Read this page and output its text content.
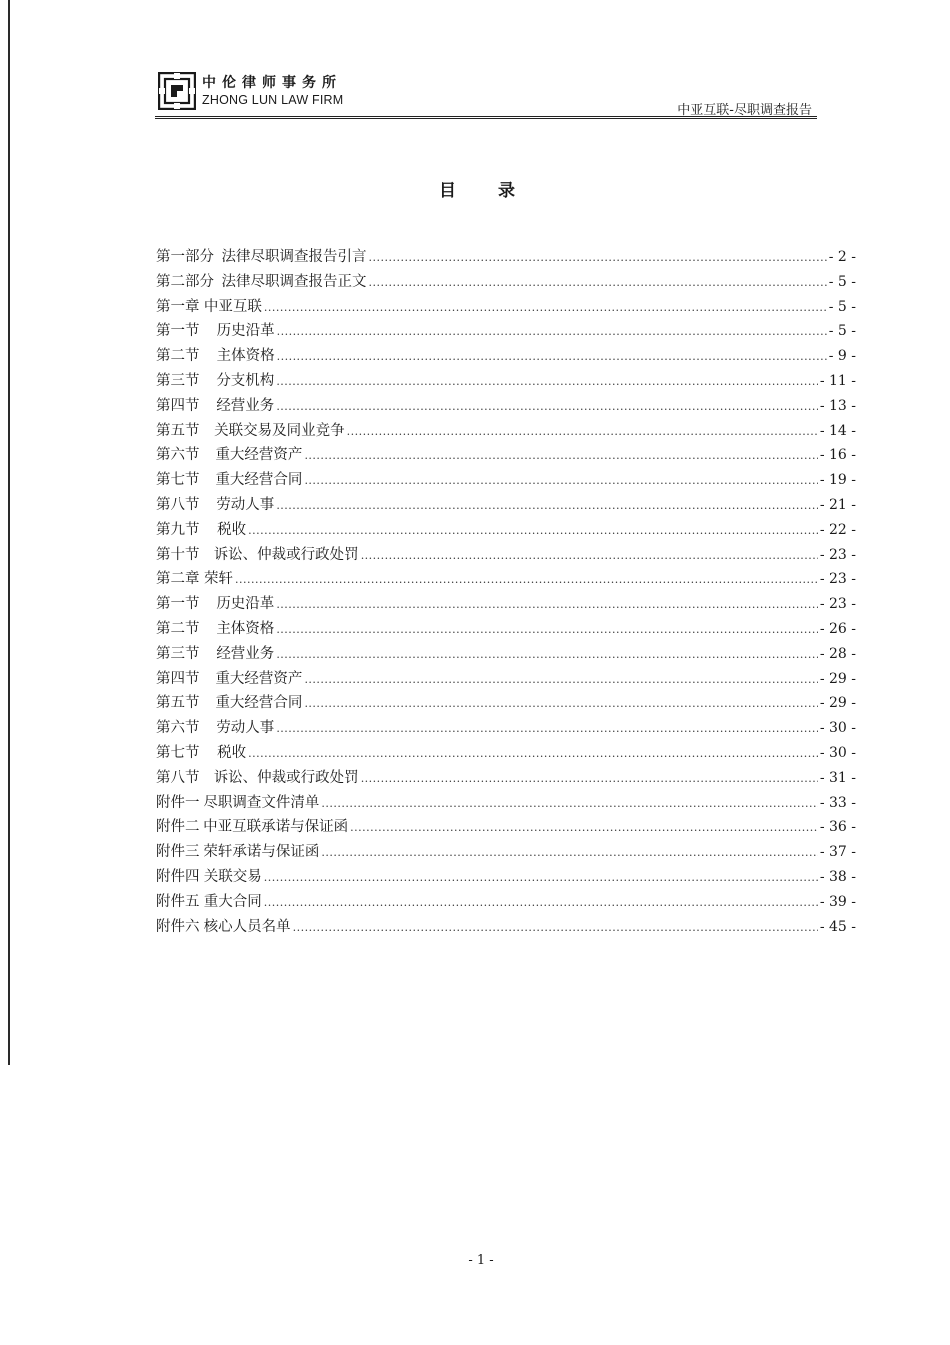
中伦律师事务所
ZHONG LUN LAW FIRM
中亚互联-尽职调查报告
目 录
第一部分 法律尽职调查报告引言 .....	- 2 -
第二部分 法律尽职调查报告正文 .....	- 5 -
第一章 中亚互联 .....	- 5 -
第一节 历史沿革 .....	- 5 -
第二节 主体资格 .....	- 9 -
第三节 分支机构 .....	- 11 -
第四节 经营业务 .....	- 13 -
第五节 关联交易及同业竞争 .....	- 14 -
第六节 重大经营资产 .....	- 16 -
第七节 重大经营合同 .....	- 19 -
第八节 劳动人事 .....	- 21 -
第九节 税收 .....	- 22 -
第十节 诉讼、仲裁或行政处罚 .....	- 23 -
第二章 荣轩 .....	- 23 -
第一节 历史沿革 .....	- 23 -
第二节 主体资格 .....	- 26 -
第三节 经营业务 .....	- 28 -
第四节 重大经营资产 .....	- 29 -
第五节 重大经营合同 .....	- 29 -
第六节 劳动人事 .....	- 30 -
第七节 税收 .....	- 30 -
第八节 诉讼、仲裁或行政处罚 .....	- 31 -
附件一 尽职调查文件清单 .....	- 33 -
附件二 中亚互联承诺与保证函 .....	- 36 -
附件三 荣轩承诺与保证函 .....	- 37 -
附件四 关联交易 .....	- 38 -
附件五 重大合同 .....	- 39 -
附件六 核心人员名单 .....	- 45 -
- 1 -
